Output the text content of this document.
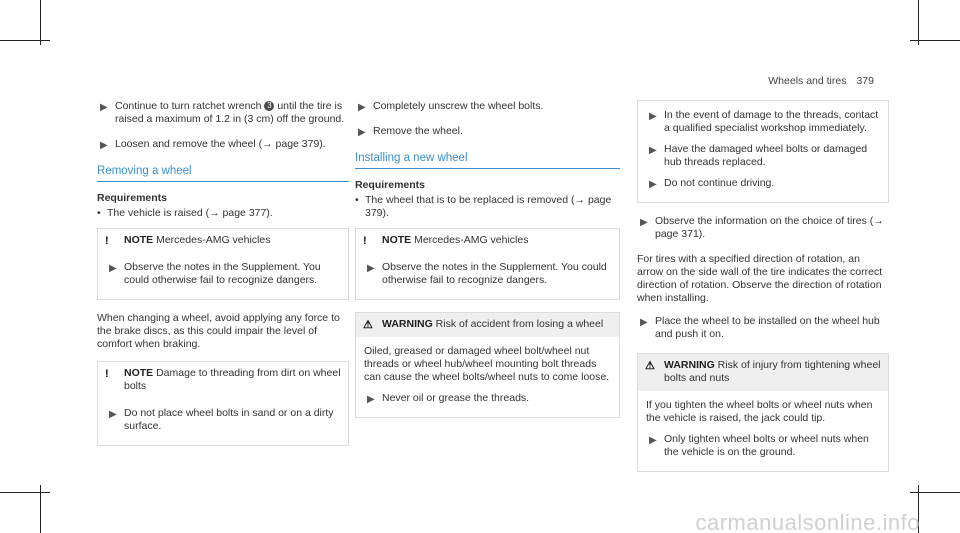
Wheels and tires 379
▶ Continue to turn ratchet wrench 3 until the tire is raised a maximum of 1.2 in (3 cm) off the ground.
▶ Loosen and remove the wheel (→ page 379).
Removing a wheel
Requirements
• The vehicle is raised (→ page 377).
!	NOTE Mercedes-AMG vehicles
▶ Observe the notes in the Supplement. You could otherwise fail to recognize dangers.
When changing a wheel, avoid applying any force to the brake discs, as this could impair the level of comfort when braking.
!	NOTE Damage to threading from dirt on wheel bolts
▶ Do not place wheel bolts in sand or on a dirty surface.
▶ Completely unscrew the wheel bolts.
▶ Remove the wheel.
Installing a new wheel
Requirements
• The wheel that is to be replaced is removed (→ page 379).
!	NOTE Mercedes-AMG vehicles
▶ Observe the notes in the Supplement. You could otherwise fail to recognize dangers.
⚠ WARNING Risk of accident from losing a wheel
Oiled, greased or damaged wheel bolt/wheel nut threads or wheel hub/wheel mounting bolt threads can cause the wheel bolts/wheel nuts to come loose.
▶ Never oil or grease the threads.
▶ In the event of damage to the threads, contact a qualified specialist workshop immediately.
▶ Have the damaged wheel bolts or damaged hub threads replaced.
▶ Do not continue driving.
▶ Observe the information on the choice of tires (→ page 371).
For tires with a specified direction of rotation, an arrow on the side wall of the tire indicates the correct direction of rotation. Observe the direction of rotation when installing.
▶ Place the wheel to be installed on the wheel hub and push it on.
⚠ WARNING Risk of injury from tightening wheel bolts and nuts
If you tighten the wheel bolts or wheel nuts when the vehicle is raised, the jack could tip.
▶ Only tighten wheel bolts or wheel nuts when the vehicle is on the ground.
carmanualsonline.info
